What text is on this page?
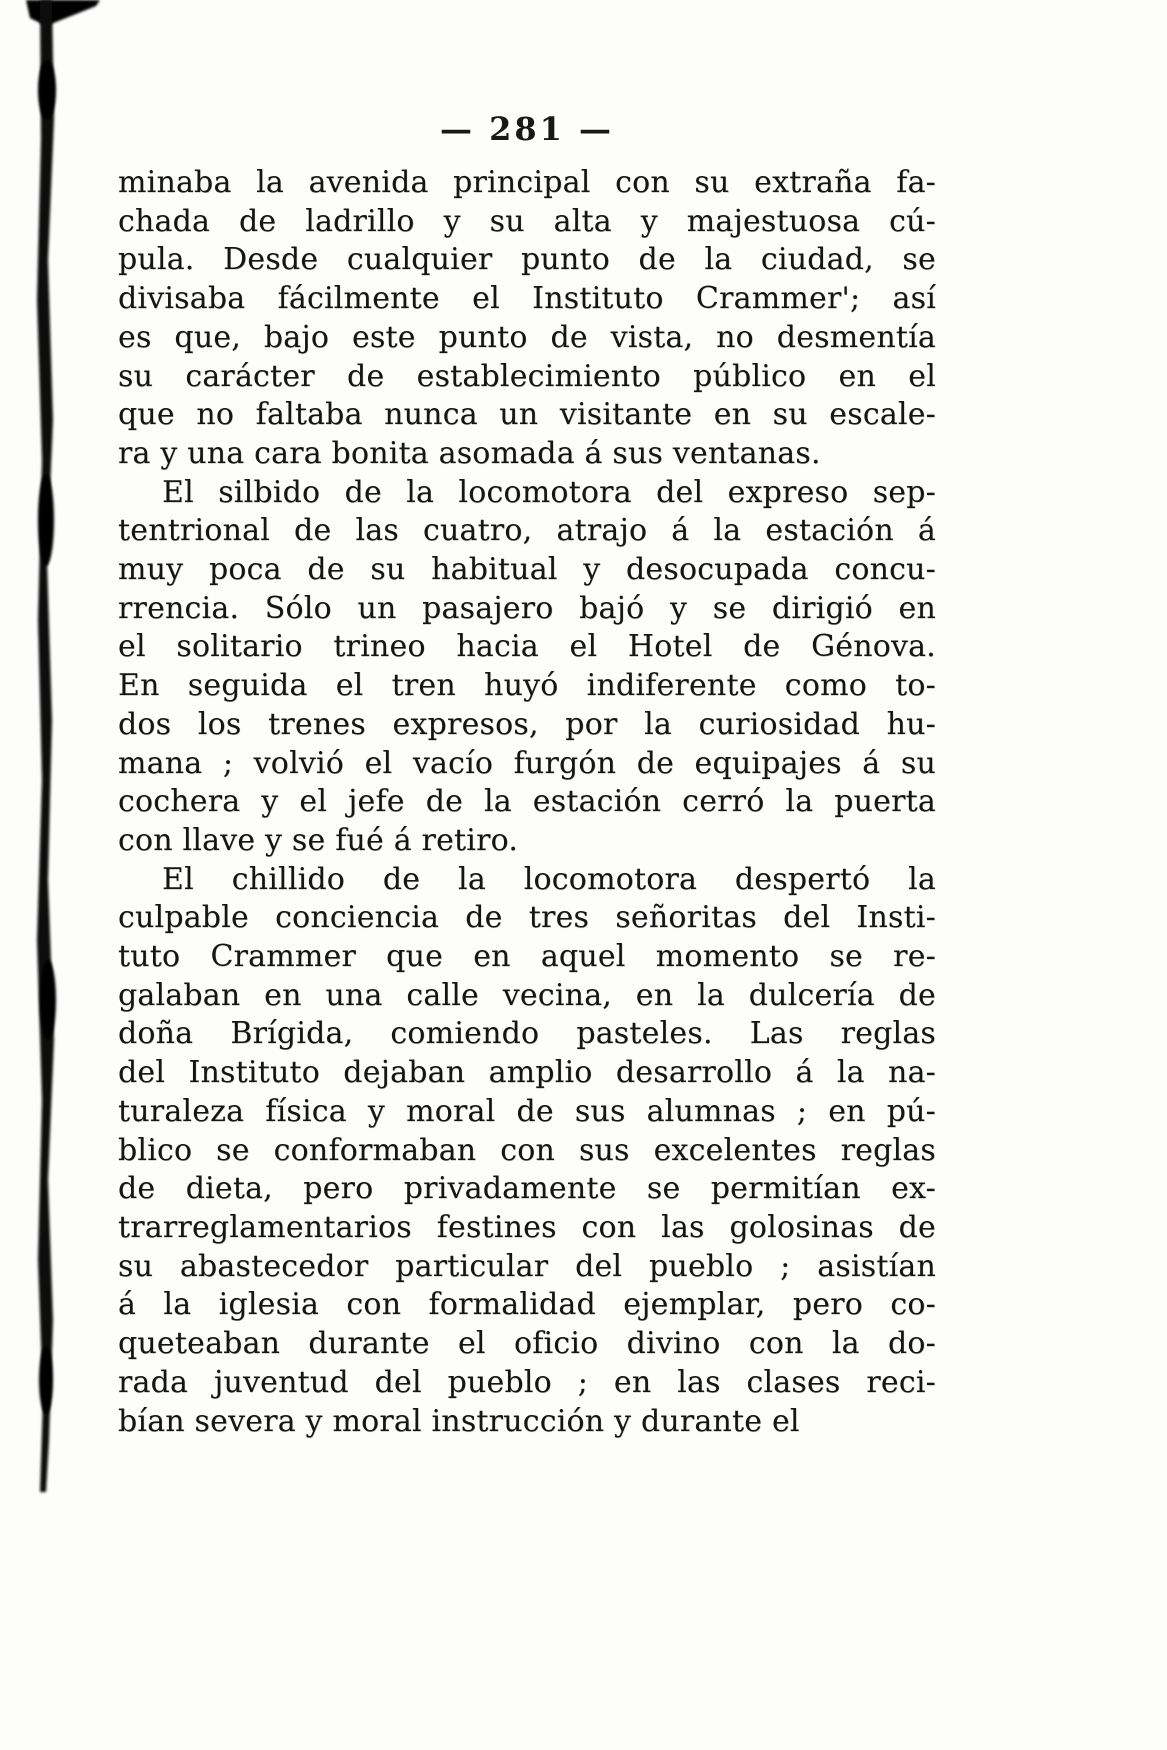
— 281 —
minaba la avenida principal con su extraña fa-
chada de ladrillo y su alta y majestuosa cú-
pula. Desde cualquier punto de la ciudad, se
divisaba fácilmente el Instituto Crammer'; así
es que, bajo este punto de vista, no desmentía
su carácter de establecimiento público en el
que no faltaba nunca un visitante en su escale-
ra y una cara bonita asomada á sus ventanas.
El silbido de la locomotora del expreso sep-
tentrional de las cuatro, atrajo á la estación á
muy poca de su habitual y desocupada concu-
rrencia. Sólo un pasajero bajó y se dirigió en
el solitario trineo hacia el Hotel de Génova.
En seguida el tren huyó indiferente como to-
dos los trenes expresos, por la curiosidad hu-
mana ; volvió el vacío furgón de equipajes á su
cochera y el jefe de la estación cerró la puerta
con llave y se fué á retiro.
El chillido de la locomotora despertó la
culpable conciencia de tres señoritas del Insti-
tuto Crammer que en aquel momento se re-
galaban en una calle vecina, en la dulcería de
doña Brígida, comiendo pasteles. Las reglas
del Instituto dejaban amplio desarrollo á la na-
turaleza física y moral de sus alumnas ; en pú-
blico se conformaban con sus excelentes reglas
de dieta, pero privadamente se permitían ex-
trarreglamentarios festines con las golosinas de
su abastecedor particular del pueblo ; asistían
á la iglesia con formalidad ejemplar, pero co-
queteaban durante el oficio divino con la do-
rada juventud del pueblo ; en las clases reci-
bían severa y moral instrucción y durante el
